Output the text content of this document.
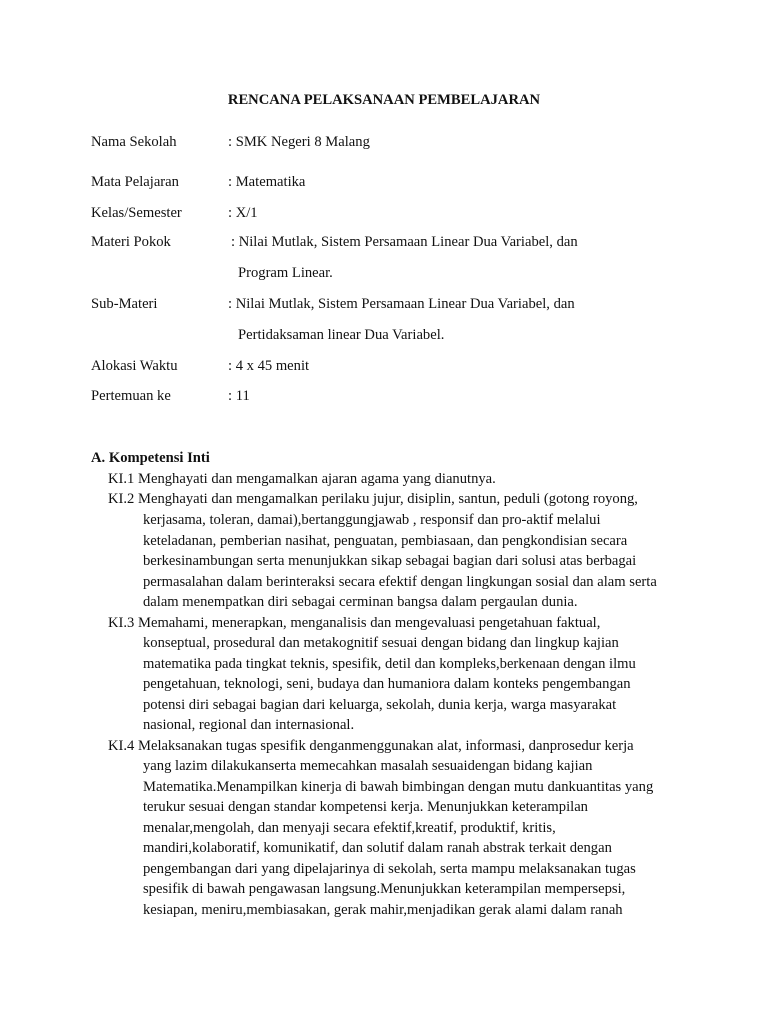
RENCANA PELAKSANAAN PEMBELAJARAN
Nama Sekolah	: SMK Negeri 8 Malang
Mata Pelajaran	: Matematika
Kelas/Semester	: X/1
Materi Pokok	: Nilai Mutlak, Sistem Persamaan Linear Dua Variabel, dan
Program Linear.
Sub-Materi	: Nilai Mutlak, Sistem Persamaan Linear Dua Variabel, dan
Pertidaksaman linear Dua Variabel.
Alokasi Waktu	: 4 x 45 menit
Pertemuan ke	: 11
A. Kompetensi Inti
KI.1 Menghayati dan mengamalkan ajaran agama yang dianutnya.
KI.2 Menghayati dan mengamalkan perilaku jujur, disiplin, santun, peduli (gotong royong,
kerjasama, toleran, damai),bertanggungjawab , responsif dan pro-aktif melalui
keteladanan, pemberian nasihat, penguatan, pembiasaan, dan pengkondisian secara
berkesinambungan serta menunjukkan sikap sebagai bagian dari solusi atas berbagai
permasalahan dalam berinteraksi secara efektif dengan lingkungan sosial dan alam serta
dalam menempatkan diri sebagai cerminan bangsa dalam pergaulan dunia.
KI.3 Memahami, menerapkan, menganalisis dan mengevaluasi pengetahuan faktual,
konseptual, prosedural dan metakognitif sesuai dengan bidang dan lingkup kajian
matematika pada tingkat teknis, spesifik, detil dan kompleks,berkenaan dengan ilmu
pengetahuan, teknologi, seni, budaya dan humaniora dalam konteks pengembangan
potensi diri sebagai bagian dari keluarga, sekolah, dunia kerja, warga masyarakat
nasional, regional dan internasional.
KI.4 Melaksanakan tugas spesifik denganmenggunakan alat, informasi, danprosedur kerja
yang lazim dilakukanserta memecahkan masalah sesuaidengan bidang kajian
Matematika.Menampilkan kinerja di bawah bimbingan dengan mutu dankuantitas yang
terukur sesuai dengan standar kompetensi kerja. Menunjukkan keterampilan
menalar,mengolah, dan menyaji secara efektif,kreatif, produktif, kritis,
mandiri,kolaboratif, komunikatif, dan solutif dalam ranah abstrak terkait dengan
pengembangan dari yang dipelajarinya di sekolah, serta mampu melaksanakan tugas
spesifik di bawah pengawasan langsung.Menunjukkan keterampilan mempersepsi,
kesiapan, meniru,membiasakan, gerak mahir,menjadikan gerak alami dalam ranah
